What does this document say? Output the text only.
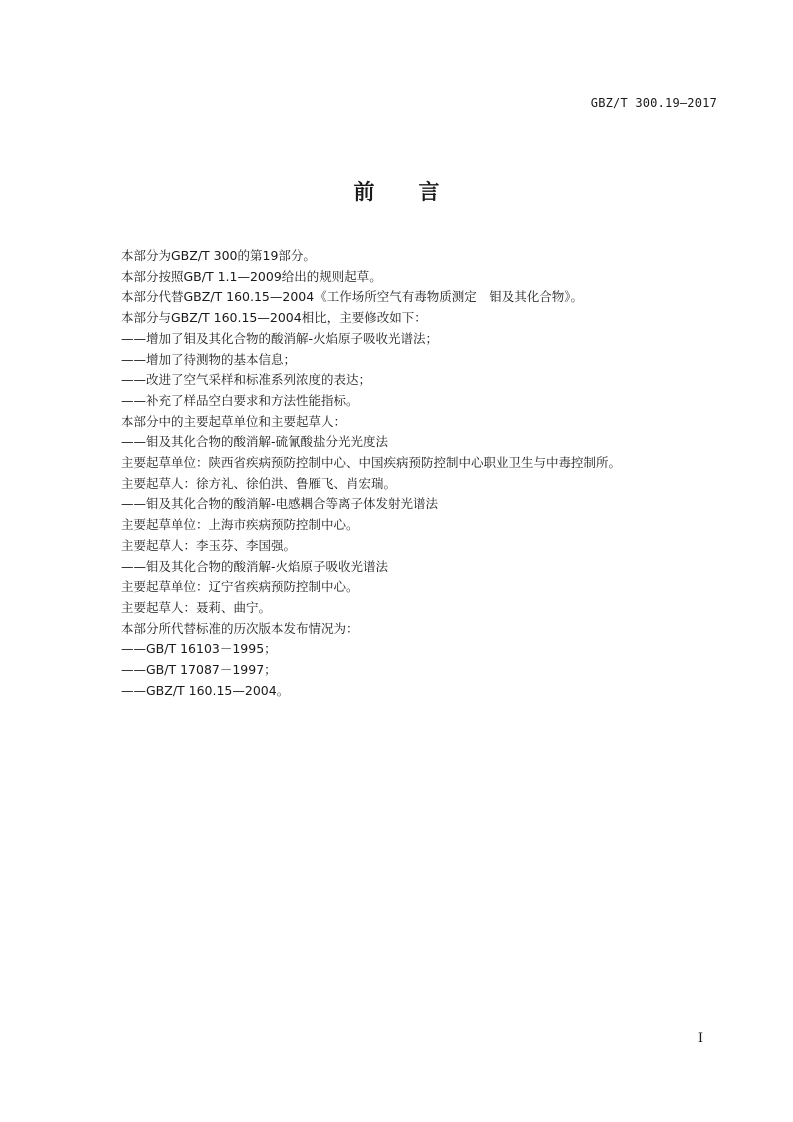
GBZ/T 300.19—2017
前言

本部分为GBZ/T 300的第19部分。

本部分按照GB/T 1.1—2009给出的规则起草。

本部分代替GBZ/T 160.15—2004《工作场所空气有毒物质测定　钼及其化合物》。

本部分与GBZ/T 160.15—2004相比，主要修改如下：

——增加了钼及其化合物的酸消解-火焰原子吸收光谱法；

——增加了待测物的基本信息；

——改进了空气采样和标准系列浓度的表达；

——补充了样品空白要求和方法性能指标。

本部分中的主要起草单位和主要起草人：

——钼及其化合物的酸消解-硫氰酸盐分光光度法

主要起草单位：陕西省疾病预防控制中心、中国疾病预防控制中心职业卫生与中毒控制所。

主要起草人：徐方礼、徐伯洪、鲁雁飞、肖宏瑞。

——钼及其化合物的酸消解-电感耦合等离子体发射光谱法

主要起草单位：上海市疾病预防控制中心。

主要起草人：李玉芬、李国强。

——钼及其化合物的酸消解-火焰原子吸收光谱法

主要起草单位：辽宁省疾病预防控制中心。

主要起草人：聂莉、曲宁。

本部分所代替标准的历次版本发布情况为：

——GB/T 16103－1995；

——GB/T 17087－1997；

——GBZ/T 160.15—2004。

I
